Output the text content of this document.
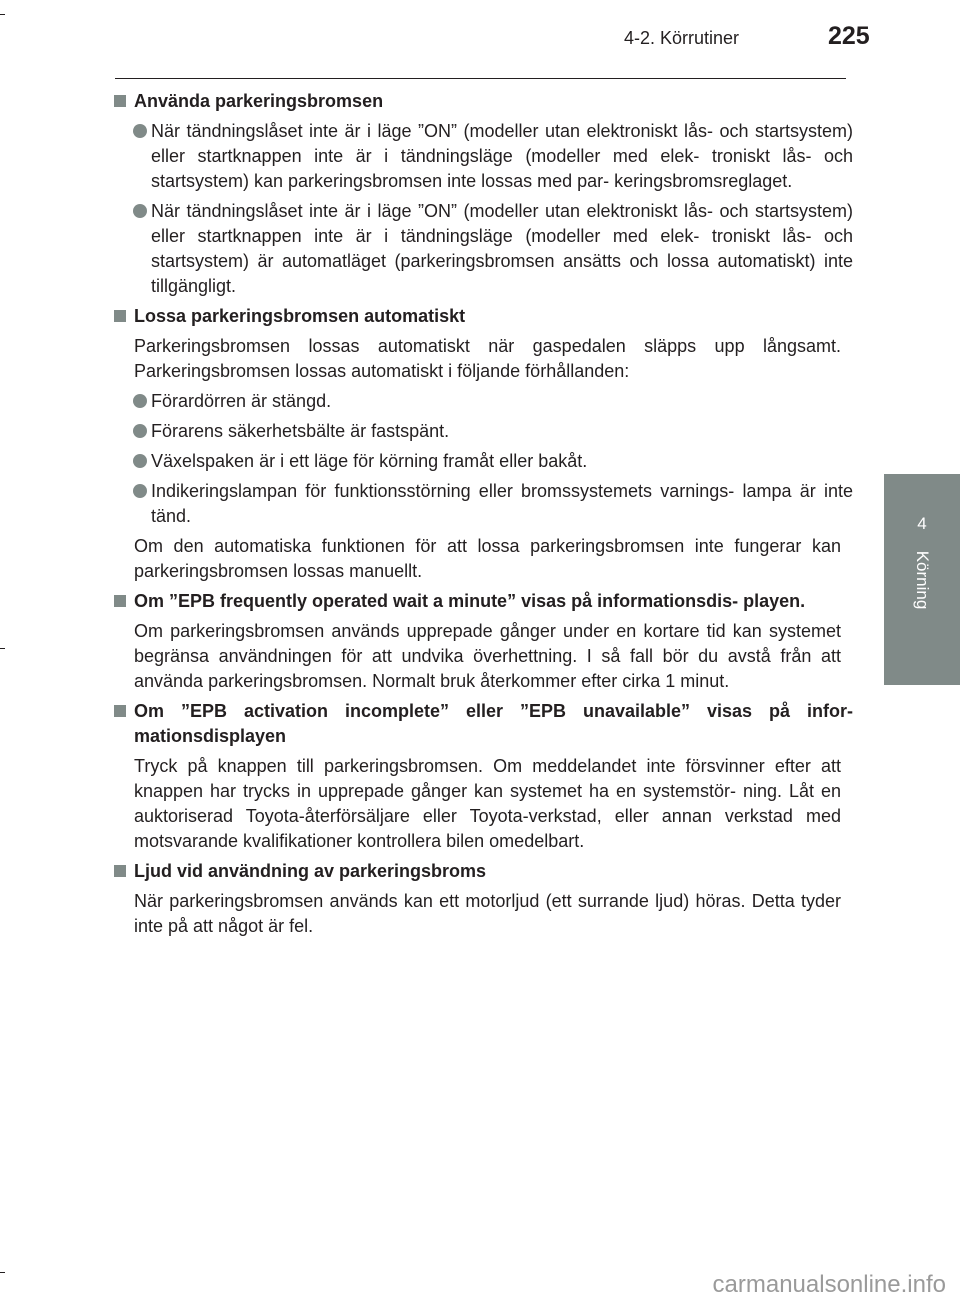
4-2. Körrutiner	225
4
Körning
Använda parkeringsbromsen
När tändningslåset inte är i läge ”ON” (modeller utan elektroniskt lås- och startsystem) eller startknappen inte är i tändningsläge (modeller med elek- troniskt lås- och startsystem) kan parkeringsbromsen inte lossas med par- keringsbromsreglaget.
När tändningslåset inte är i läge ”ON” (modeller utan elektroniskt lås- och startsystem) eller startknappen inte är i tändningsläge (modeller med elek- troniskt lås- och startsystem) är automatläget (parkeringsbromsen ansätts och lossa automatiskt) inte tillgängligt.
Lossa parkeringsbromsen automatiskt
Parkeringsbromsen lossas automatiskt när gaspedalen släpps upp långsamt. Parkeringsbromsen lossas automatiskt i följande förhållanden:
Förardörren är stängd.
Förarens säkerhetsbälte är fastspänt.
Växelspaken är i ett läge för körning framåt eller bakåt.
Indikeringslampan för funktionsstörning eller bromssystemets varnings- lampa är inte tänd.
Om den automatiska funktionen för att lossa parkeringsbromsen inte fungerar kan parkeringsbromsen lossas manuellt.
Om ”EPB frequently operated wait a minute” visas på informationsdis- playen.
Om parkeringsbromsen används upprepade gånger under en kortare tid kan systemet begränsa användningen för att undvika överhettning. I så fall bör du avstå från att använda parkeringsbromsen. Normalt bruk återkommer efter cirka 1 minut.
Om ”EPB activation incomplete” eller ”EPB unavailable” visas på infor- mationsdisplayen
Tryck på knappen till parkeringsbromsen. Om meddelandet inte försvinner efter att knappen har trycks in upprepade gånger kan systemet ha en systemstör- ning. Låt en auktoriserad Toyota-återförsäljare eller Toyota-verkstad, eller annan verkstad med motsvarande kvalifikationer kontrollera bilen omedelbart.
Ljud vid användning av parkeringsbroms
När parkeringsbromsen används kan ett motorljud (ett surrande ljud) höras. Detta tyder inte på att något är fel.
carmanualsonline.info
